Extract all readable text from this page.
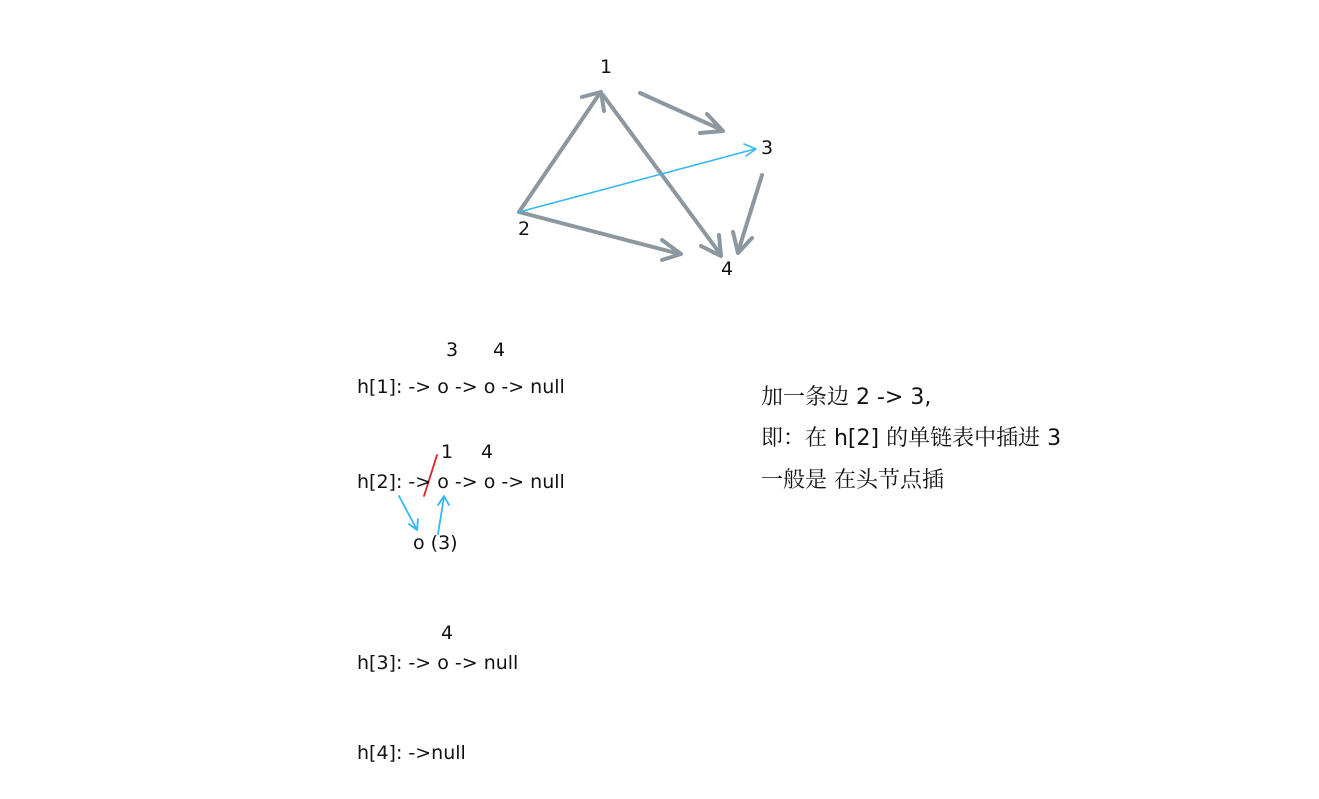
1
2
3
4
3 4
h[1]: -> o -> o -> null
1 4
h[2]: -> o -> o -> null
o (3)
4
h[3]: -> o -> null
h[4]: ->null
加一条边 2 -> 3,
即：在 h[2] 的单链表中插进 3
一般是 在头节点插
